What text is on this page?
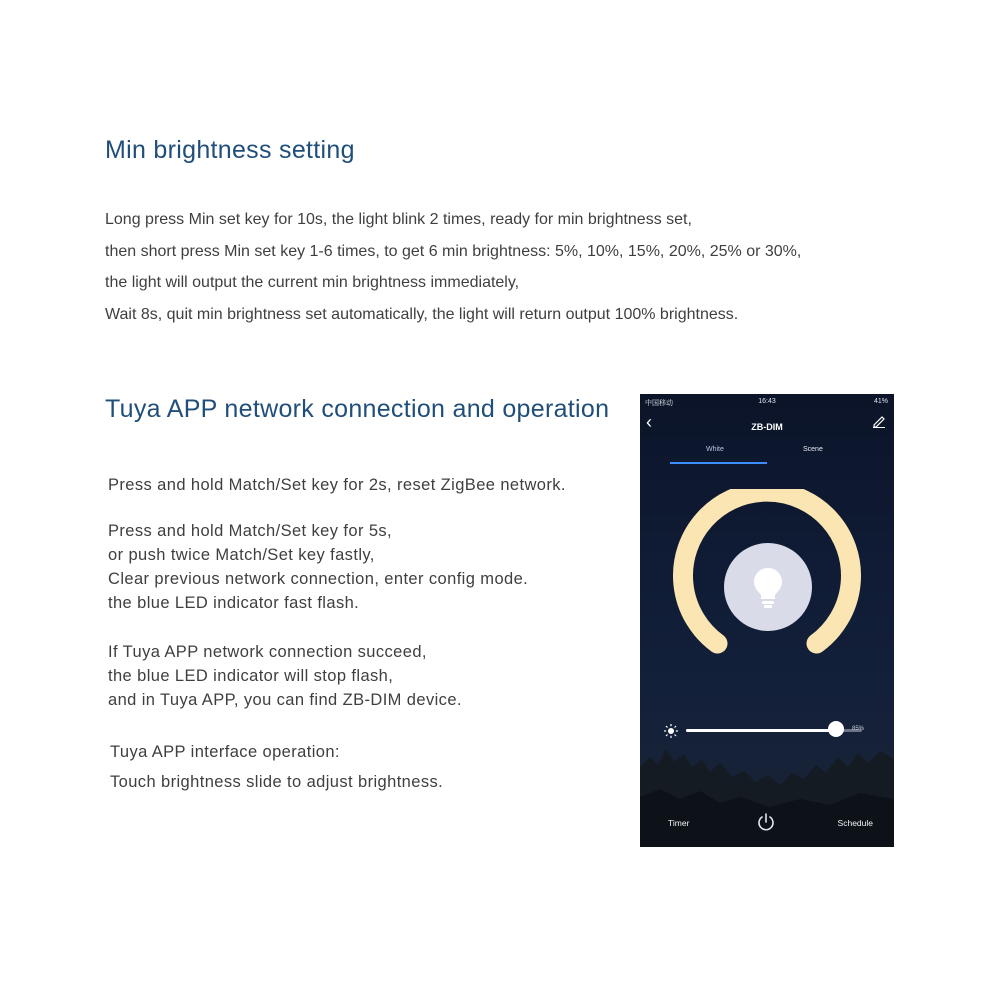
Min brightness setting
Long press Min set key for 10s, the light blink 2 times, ready for min brightness set,
then short press Min set key 1-6 times, to get 6 min brightness: 5%, 10%, 15%, 20%, 25% or 30%,
the light will output the current min brightness immediately,
Wait 8s, quit min brightness set automatically, the light will return output 100% brightness.
Tuya APP network connection and operation
Press and hold Match/Set key for 2s, reset ZigBee network.
Press and hold Match/Set key for 5s,
or push twice Match/Set key fastly,
Clear previous network connection, enter config mode.
the blue LED indicator fast flash.
If Tuya APP network connection succeed,
the blue LED indicator will stop flash,
and in Tuya APP, you can find ZB-DIM device.
Tuya APP interface operation:
Touch brightness slide to adjust brightness.
中国移动	16:43	41%
‹	ZB-DIM
White	Scene
85%
Timer	Schedule
